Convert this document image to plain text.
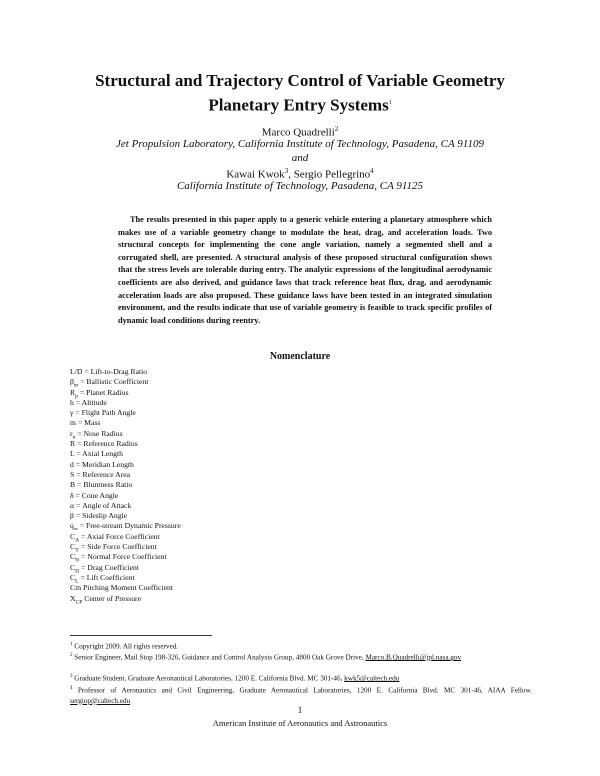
Structural and Trajectory Control of Variable Geometry
Planetary Entry Systems$^1$
Marco Quadrelli$^2$
Jet Propulsion Laboratory, California Institute of Technology, Pasadena, CA 91109
and
Kawai Kwok$^3$, Sergio Pellegrino$^4$
California Institute of Technology, Pasadena, CA 91125

The results presented in this paper apply to a generic vehicle entering a planetary atmosphere which makes use of a variable geometry change to modulate the heat, drag, and acceleration loads. Two structural concepts for implementing the cone angle variation, namely a segmented shell and a corrugated shell, are presented. A structural analysis of these proposed structural configuration shows that the stress levels are tolerable during entry. The analytic expressions of the longitudinal aerodynamic coefficients are also derived, and guidance laws that track reference heat flux, drag, and aerodynamic acceleration loads are also proposed. These guidance laws have been tested in an integrated simulation environment, and the results indicate that use of variable geometry is feasible to track specific profiles of dynamic load conditions during reentry.

Nomenclature
L/D = Lift-to-Drag Ratio
$\beta_m$ = Ballistic Coefficient
$R_p$ = Planet Radius
h = Altitude
γ = Flight Path Angle
m = Mass
$r_n$ = Nose Radius
R = Reference Radius
L = Axial Length
d = Meridian Length
S = Reference Area
B = Bluntness Ratio
δ = Cone Angle
α = Angle of Attack
β = Sideslip Angle
$q_\infty$ = Free-stream Dynamic Pressure
$C_A$ = Axial Force Coefficient
$C_Y$ = Side Force Coefficient
$C_N$ = Normal Force Coefficient
$C_D$ = Drag Coefficient
$C_L$ = Lift Coefficient
Cm Pitching Moment Coefficient
$X_{CP}$ Center of Pressure
$^1$ Copyright 2009. All rights reserved.
$^2$ Senior Engineer, Mail Stop 198-326, Guidance and Control Analysis Group, 4800 Oak Grove Drive, Marco.B.Quadrelli@jpl.nasa.gov
$^3$ Graduate Student, Graduate Aeronautical Laboratories, 1200 E. California Blvd. MC 301-46, kwk5@caltech.edu
$^4$ Professor of Aeronautics and Civil Engineering, Graduate Aeronautical Laboratories, 1200 E. California Blvd. MC 301-46, AIAA Fellow. sergiop@caltech.edu
1
American Institute of Aeronautics and Astronautics
